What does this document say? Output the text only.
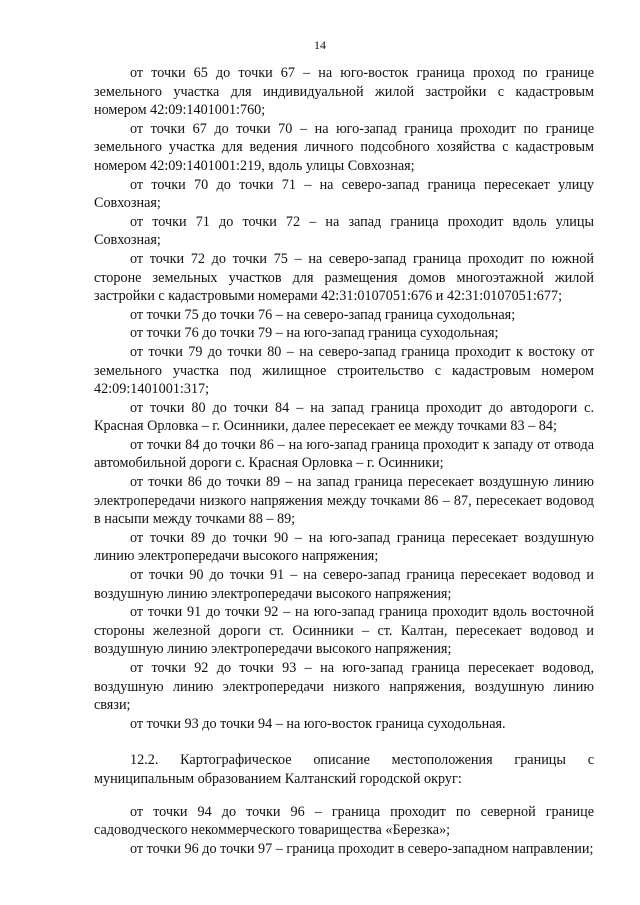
14

от точки 65 до точки 67 – на юго-восток граница проход по границе земельного участка для индивидуальной жилой застройки с кадастровым номером 42:09:1401001:760;

от точки 67 до точки 70 – на юго-запад граница проходит по границе земельного участка для ведения личного подсобного хозяйства с кадастровым номером 42:09:1401001:219, вдоль улицы Совхозная;

от точки 70 до точки 71 – на северо-запад граница пересекает улицу Совхозная;

от точки 71 до точки 72 – на запад граница проходит вдоль улицы Совхозная;

от точки 72 до точки 75 – на северо-запад граница проходит по южной стороне земельных участков для размещения домов многоэтажной жилой застройки с кадастровыми номерами 42:31:0107051:676 и 42:31:0107051:677;

от точки 75 до точки 76 – на северо-запад граница суходольная;

от точки 76 до точки 79 – на юго-запад граница суходольная;

от точки 79 до точки 80 – на северо-запад граница проходит к востоку от земельного участка под жилищное строительство с кадастровым номером 42:09:1401001:317;

от точки 80 до точки 84 – на запад граница проходит до автодороги с. Красная Орловка – г. Осинники, далее пересекает ее между точками 83 – 84;

от точки 84 до точки 86 – на юго-запад граница проходит к западу от отвода автомобильной дороги с. Красная Орловка – г. Осинники;

от точки 86 до точки 89 – на запад граница пересекает воздушную линию электропередачи низкого напряжения между точками 86 – 87, пересекает водовод в насыпи между точками 88 – 89;

от точки 89 до точки 90 – на юго-запад граница пересекает воздушную линию электропередачи высокого напряжения;

от точки 90 до точки 91 – на северо-запад граница пересекает водовод и воздушную линию электропередачи высокого напряжения;

от точки 91 до точки 92 – на юго-запад граница проходит вдоль восточной стороны железной дороги ст. Осинники – ст. Калтан, пересекает водовод и воздушную линию электропередачи высокого напряжения;

от точки 92 до точки 93 – на юго-запад граница пересекает водовод, воздушную линию электропередачи низкого напряжения, воздушную линию связи;

от точки 93 до точки 94 – на юго-восток граница суходольная.

12.2. Картографическое описание местоположения границы с муниципальным образованием Калтанский городской округ:

от точки 94 до точки 96 – граница проходит по северной границе садоводческого некоммерческого товарищества «Березка»;

от точки 96 до точки 97 – граница проходит в северо-западном направлении;
